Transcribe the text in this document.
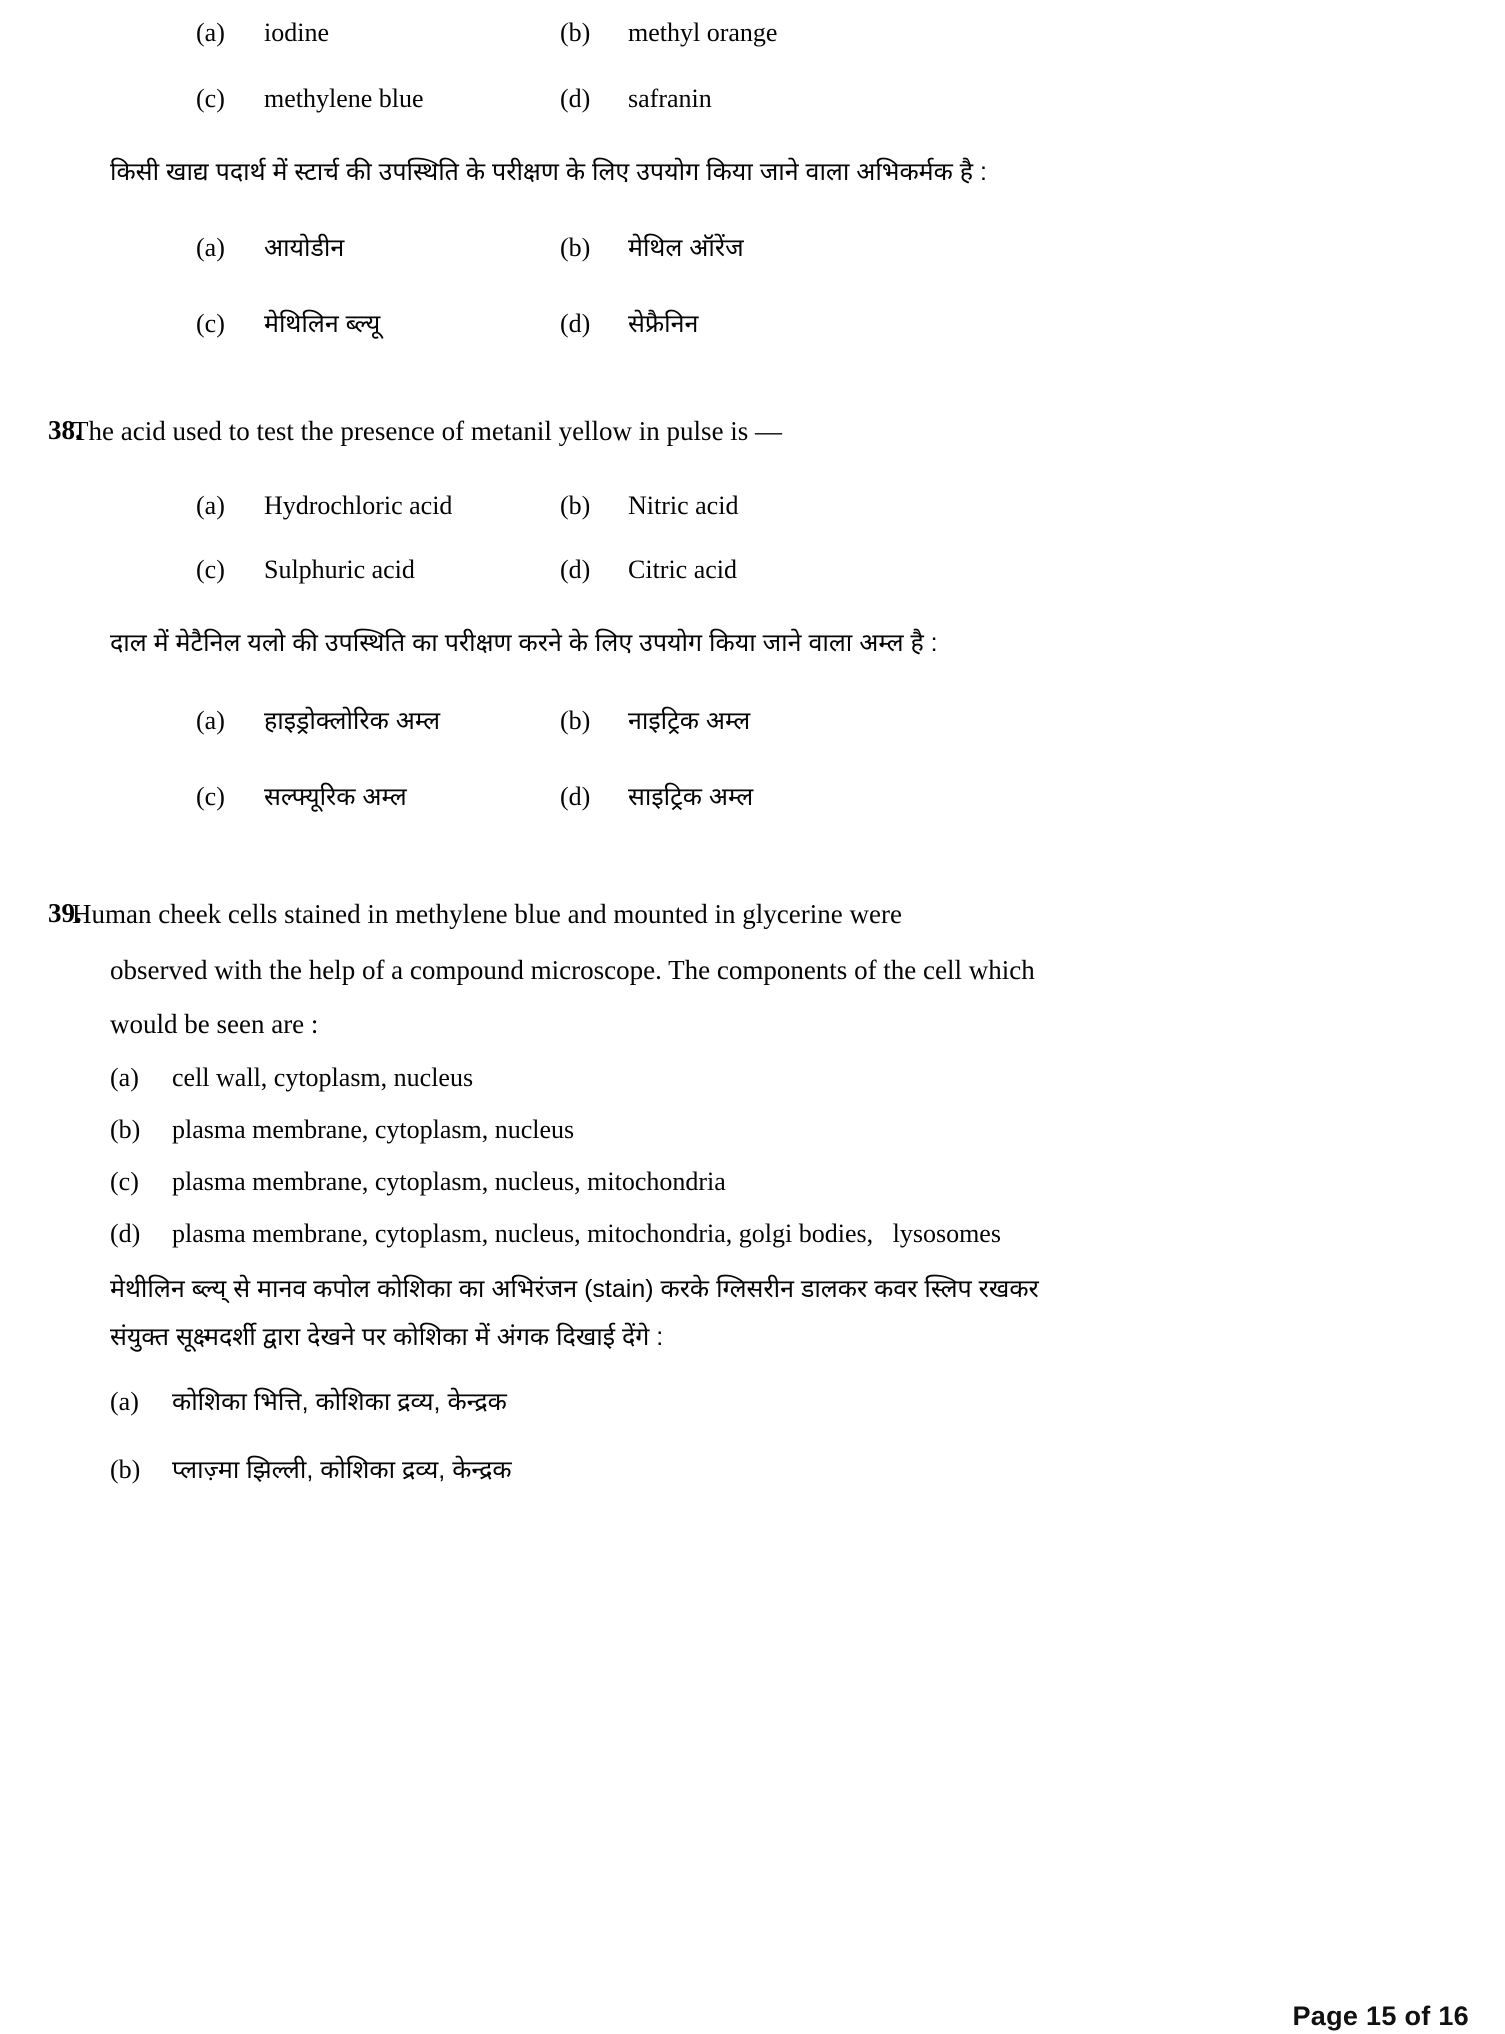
(a)	iodine	(b)	methyl orange
(c)	methylene blue	(d)	safranin
किसी खाद्य पदार्थ में स्टार्च की उपस्थिति के परीक्षण के लिए उपयोग किया जाने वाला अभिकर्मक है :
(a)	आयोडीन	(b)	मेथिल ऑरेंज
(c)	मेथिलिन ब्ल्यू	(d)	सेफ्रैनिन
38.
The acid used to test the presence of metanil yellow in pulse is —
(a)	Hydrochloric acid	(b)	Nitric acid
(c)	Sulphuric acid	(d)	Citric acid
दाल में मेटैनिल यलो की उपस्थिति का परीक्षण करने के लिए उपयोग किया जाने वाला अम्ल है :
(a)	हाइड्रोक्लोरिक अम्ल	(b)	नाइट्रिक अम्ल
(c)	सल्फ्यूरिक अम्ल	(d)	साइट्रिक अम्ल
39.
Human cheek cells stained in methylene blue and mounted in glycerine were
observed with the help of a compound microscope. The components of the cell which
would be seen are :
(a)	cell wall, cytoplasm, nucleus
(b)	plasma membrane, cytoplasm, nucleus
(c)	plasma membrane, cytoplasm, nucleus, mitochondria
(d)	plasma membrane, cytoplasm, nucleus, mitochondria, golgi bodies,   lysosomes
मेथीलिन ब्ल्य् से मानव कपोल कोशिका का अभिरंजन (stain) करके ग्लिसरीन डालकर कवर स्लिप रखकर
संयुक्त सूक्ष्मदर्शी द्वारा देखने पर कोशिका में अंगक दिखाई देंगे :
(a)	कोशिका भित्ति, कोशिका द्रव्य, केन्द्रक
(b)	प्लाज़्मा झिल्ली, कोशिका द्रव्य, केन्द्रक
Page 15 of 16
